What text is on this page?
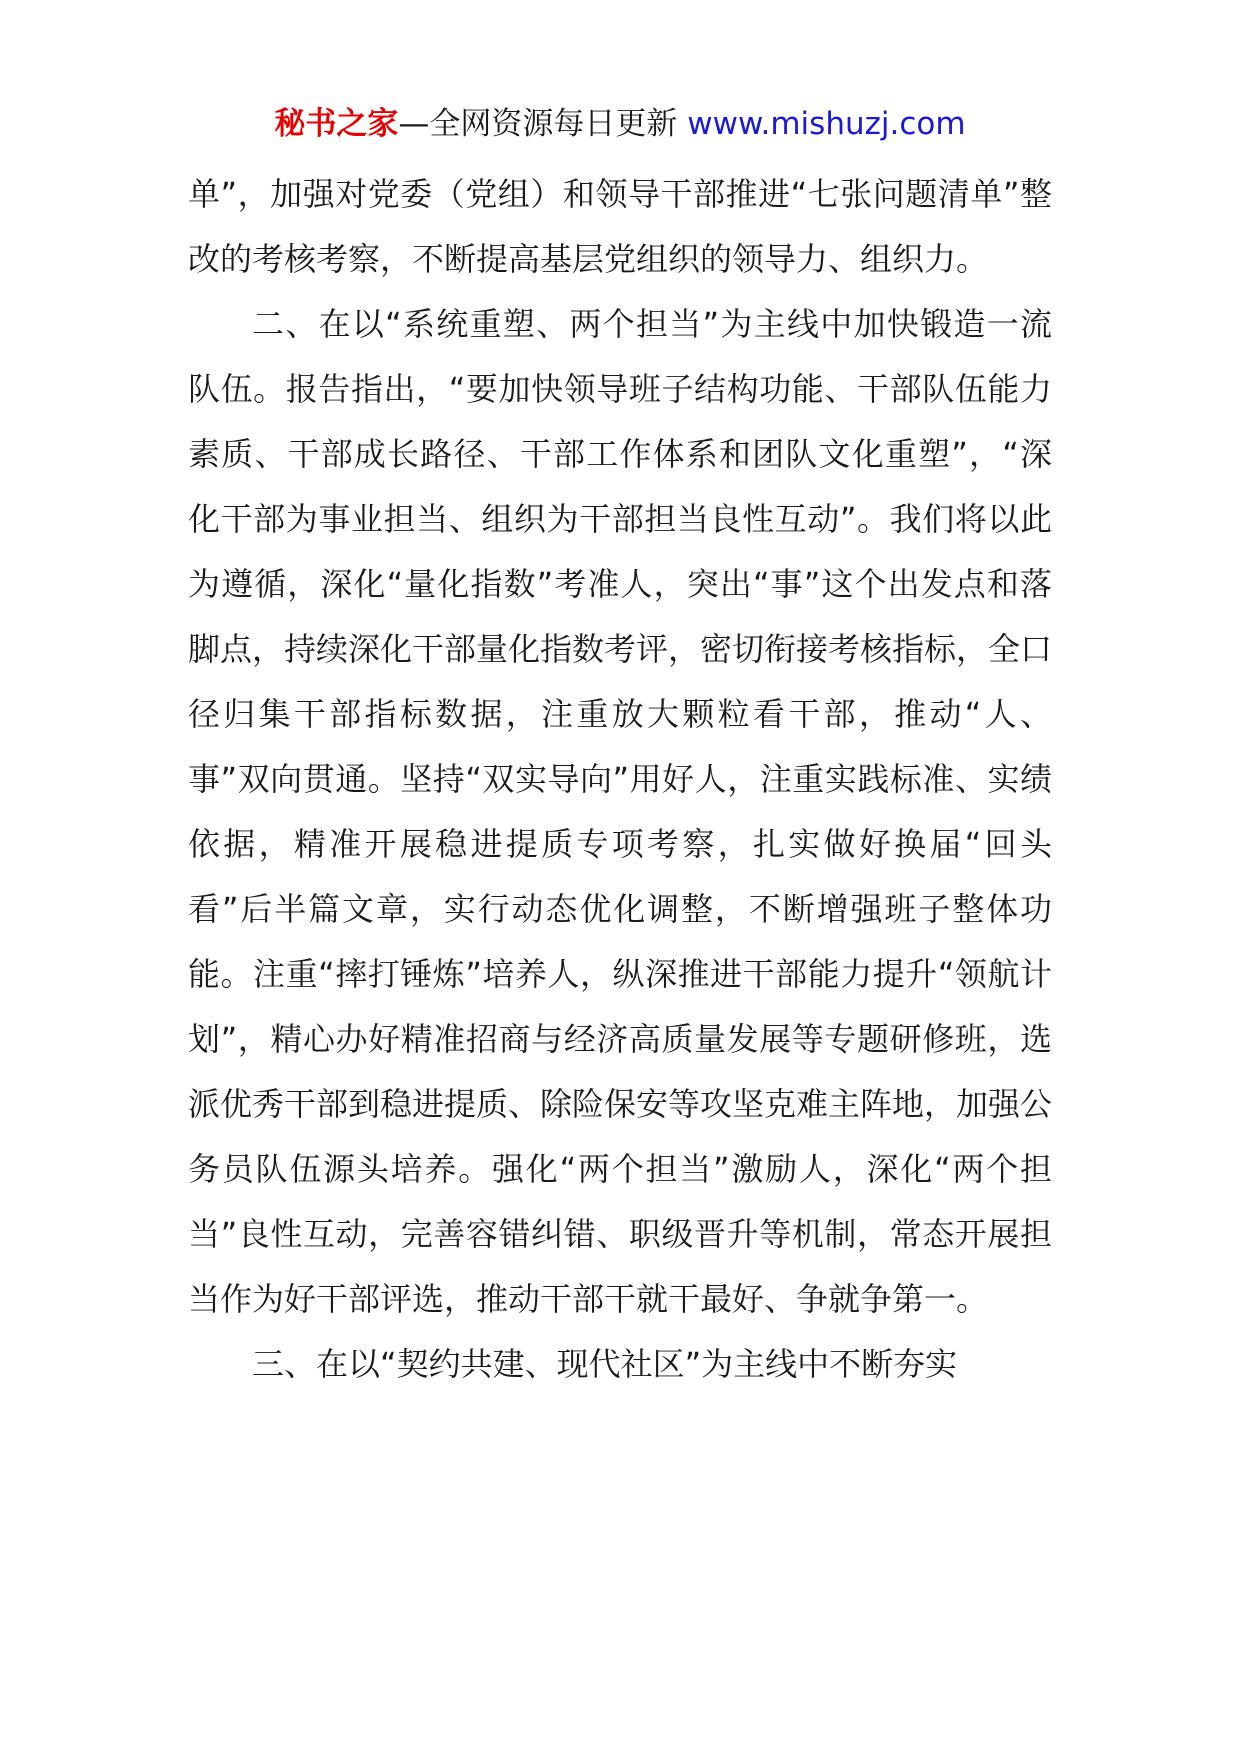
秘书之家—全网资源每日更新 www.mishuzj.com

单”，加强对党委（党组）和领导干部推进“七张问题清单”整改的考核考察，不断提高基层党组织的领导力、组织力。

二、在以“系统重塑、两个担当”为主线中加快锻造一流队伍。报告指出，“要加快领导班子结构功能、干部队伍能力素质、干部成长路径、干部工作体系和团队文化重塑”，“深化干部为事业担当、组织为干部担当良性互动”。我们将以此为遵循，深化“量化指数”考准人，突出“事”这个出发点和落脚点，持续深化干部量化指数考评，密切衔接考核指标，全口径归集干部指标数据，注重放大颗粒看干部，推动“人、事”双向贯通。坚持“双实导向”用好人，注重实践标准、实绩依据，精准开展稳进提质专项考察，扎实做好换届“回头看”后半篇文章，实行动态优化调整，不断增强班子整体功能。注重“摔打锤炼”培养人，纵深推进干部能力提升“领航计划”，精心办好精准招商与经济高质量发展等专题研修班，选派优秀干部到稳进提质、除险保安等攻坚克难主阵地，加强公务员队伍源头培养。强化“两个担当”激励人，深化“两个担当”良性互动，完善容错纠错、职级晋升等机制，常态开展担当作为好干部评选，推动干部干就干最好、争就争第一。

三、在以“契约共建、现代社区”为主线中不断夯实
